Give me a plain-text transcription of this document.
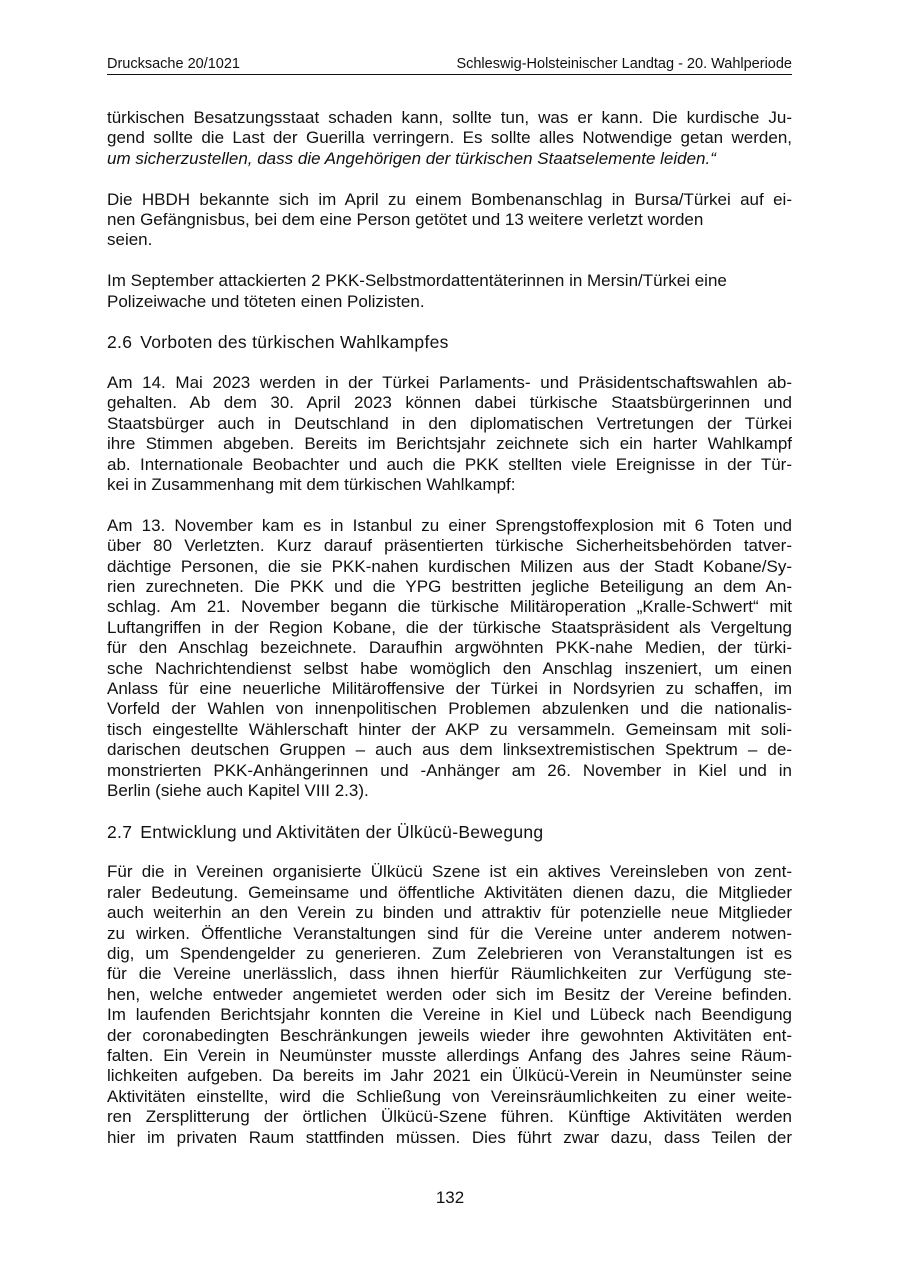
Drucksache 20/1021	Schleswig-Holsteinischer Landtag - 20. Wahlperiode
türkischen Besatzungsstaat schaden kann, sollte tun, was er kann. Die kurdische Ju-
gend sollte die Last der Guerilla verringern. Es sollte alles Notwendige getan werden,
um sicherzustellen, dass die Angehörigen der türkischen Staatselemente leiden.“
Die HBDH bekannte sich im April zu einem Bombenanschlag in Bursa/Türkei auf ei-
nen Gefängnisbus, bei dem eine Person getötet und 13 weitere verletzt worden
seien.
Im September attackierten 2 PKK-Selbstmordattentäterinnen in Mersin/Türkei eine
Polizeiwache und töteten einen Polizisten.
2.6 Vorboten des türkischen Wahlkampfes
Am 14. Mai 2023 werden in der Türkei Parlaments- und Präsidentschaftswahlen ab-
gehalten. Ab dem 30. April 2023 können dabei türkische Staatsbürgerinnen und
Staatsbürger auch in Deutschland in den diplomatischen Vertretungen der Türkei
ihre Stimmen abgeben. Bereits im Berichtsjahr zeichnete sich ein harter Wahlkampf
ab. Internationale Beobachter und auch die PKK stellten viele Ereignisse in der Tür-
kei in Zusammenhang mit dem türkischen Wahlkampf:
Am 13. November kam es in Istanbul zu einer Sprengstoffexplosion mit 6 Toten und
über 80 Verletzten. Kurz darauf präsentierten türkische Sicherheitsbehörden tatver-
dächtige Personen, die sie PKK-nahen kurdischen Milizen aus der Stadt Kobane/Sy-
rien zurechneten. Die PKK und die YPG bestritten jegliche Beteiligung an dem An-
schlag. Am 21. November begann die türkische Militäroperation „Kralle-Schwert“ mit
Luftangriffen in der Region Kobane, die der türkische Staatspräsident als Vergeltung
für den Anschlag bezeichnete. Daraufhin argwöhnten PKK-nahe Medien, der türki-
sche Nachrichtendienst selbst habe womöglich den Anschlag inszeniert, um einen
Anlass für eine neuerliche Militäroffensive der Türkei in Nordsyrien zu schaffen, im
Vorfeld der Wahlen von innenpolitischen Problemen abzulenken und die nationalis-
tisch eingestellte Wählerschaft hinter der AKP zu versammeln. Gemeinsam mit soli-
darischen deutschen Gruppen – auch aus dem linksextremistischen Spektrum – de-
monstrierten PKK-Anhängerinnen und -Anhänger am 26. November in Kiel und in
Berlin (siehe auch Kapitel VIII 2.3).
2.7 Entwicklung und Aktivitäten der Ülkücü-Bewegung
Für die in Vereinen organisierte Ülkücü Szene ist ein aktives Vereinsleben von zent-
raler Bedeutung. Gemeinsame und öffentliche Aktivitäten dienen dazu, die Mitglieder
auch weiterhin an den Verein zu binden und attraktiv für potenzielle neue Mitglieder
zu wirken. Öffentliche Veranstaltungen sind für die Vereine unter anderem notwen-
dig, um Spendengelder zu generieren. Zum Zelebrieren von Veranstaltungen ist es
für die Vereine unerlässlich, dass ihnen hierfür Räumlichkeiten zur Verfügung ste-
hen, welche entweder angemietet werden oder sich im Besitz der Vereine befinden.
Im laufenden Berichtsjahr konnten die Vereine in Kiel und Lübeck nach Beendigung
der coronabedingten Beschränkungen jeweils wieder ihre gewohnten Aktivitäten ent-
falten. Ein Verein in Neumünster musste allerdings Anfang des Jahres seine Räum-
lichkeiten aufgeben. Da bereits im Jahr 2021 ein Ülkücü-Verein in Neumünster seine
Aktivitäten einstellte, wird die Schließung von Vereinsräumlichkeiten zu einer weite-
ren Zersplitterung der örtlichen Ülkücü-Szene führen. Künftige Aktivitäten werden
hier im privaten Raum stattfinden müssen. Dies führt zwar dazu, dass Teilen der
132
